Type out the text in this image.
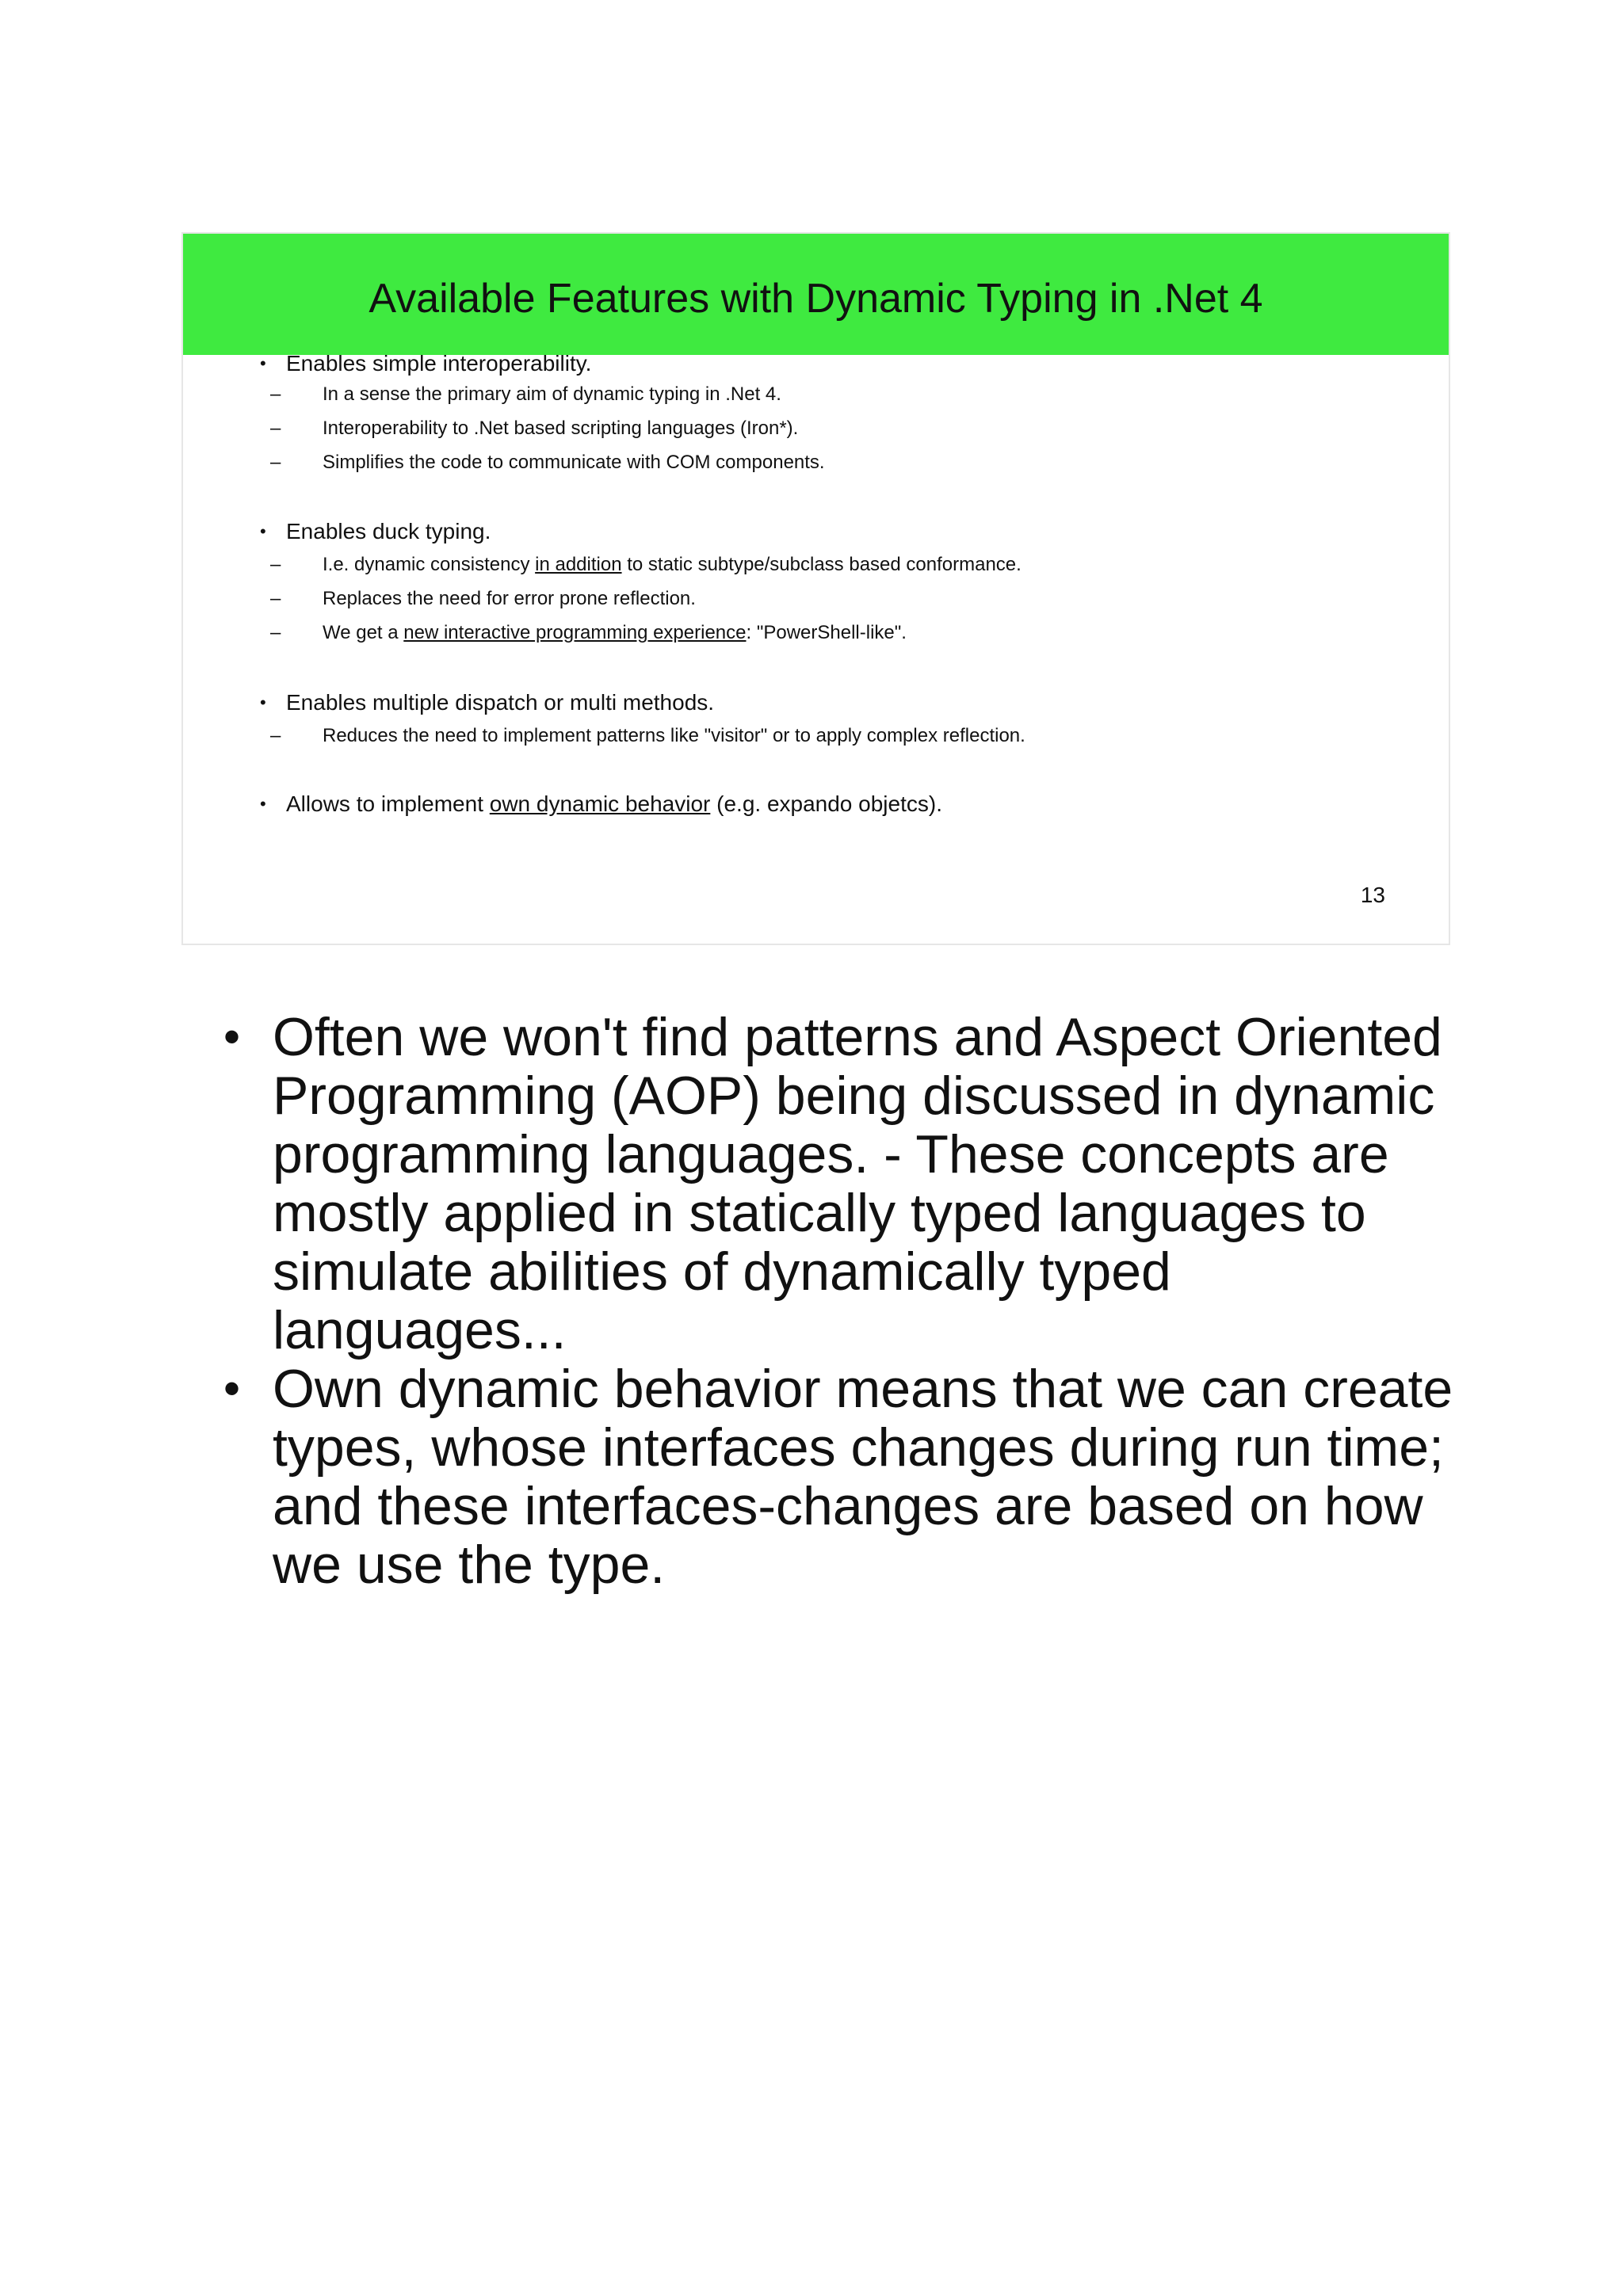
Available Features with Dynamic Typing in .Net 4
• Enables simple interoperability.
– In a sense the primary aim of dynamic typing in .Net 4.
– Interoperability to .Net based scripting languages (Iron*).
– Simplifies the code to communicate with COM components.
• Enables duck typing.
– I.e. dynamic consistency in addition to static subtype/subclass based conformance.
– Replaces the need for error prone reflection.
– We get a new interactive programming experience: "PowerShell-like".
• Enables multiple dispatch or multi methods.
– Reduces the need to implement patterns like "visitor" or to apply complex reflection.
• Allows to implement own dynamic behavior (e.g. expando objetcs).
13

• Often we won't find patterns and Aspect Oriented Programming (AOP) being discussed in dynamic programming languages. - These concepts are mostly applied in statically typed languages to simulate abilities of dynamically typed languages...

• Own dynamic behavior means that we can create types, whose interfaces changes during run time; and these interfaces-changes are based on how we use the type.
